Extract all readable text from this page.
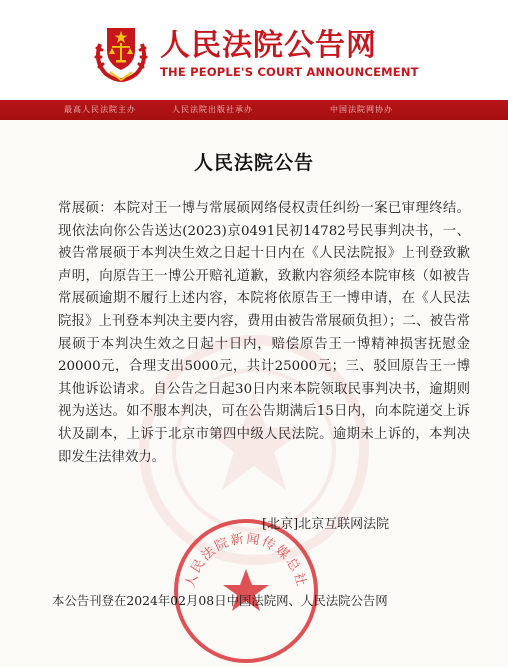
人民法院公告网
THE PEOPLE'S COURT ANNOUNCEMENT
最高人民法院主办	人民法院出版社承办	中国法院网协办
人民法院公告

常展硕：本院对王一博与常展硕网络侵权责任纠纷一案已审理终结。现依法向你公告送达(2023)京0491民初14782号民事判决书，一、被告常展硕于本判决生效之日起十日内在《人民法院报》上刊登致歉声明，向原告王一博公开赔礼道歉，致歉内容须经本院审核（如被告常展硕逾期不履行上述内容，本院将依原告王一博申请，在《人民法院报》上刊登本判决主要内容，费用由被告常展硕负担）；二、被告常展硕于本判决生效之日起十日内，赔偿原告王一博精神损害抚慰金20000元，合理支出5000元，共计25000元；三、驳回原告王一博其他诉讼请求。自公告之日起30日内来本院领取民事判决书，逾期则视为送达。如不服本判决，可在公告期满后15日内，向本院递交上诉状及副本，上诉于北京市第四中级人民法院。逾期未上诉的，本判决即发生法律效力。

人民法院新闻传媒总社
[北京]北京互联网法院
本公告刊登在2024年02月08日中国法院网、人民法院公告网
